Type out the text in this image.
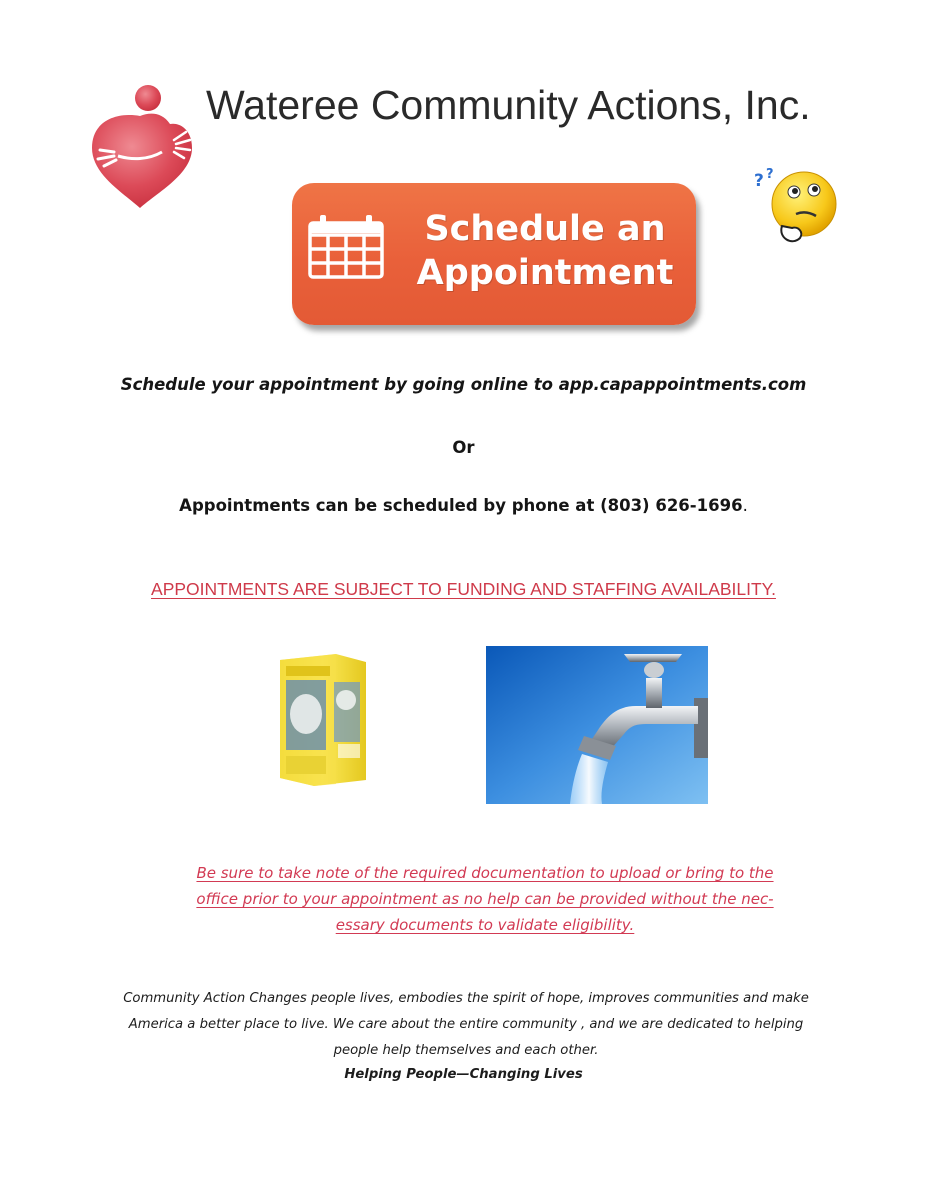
Wateree Community Actions, Inc.
Schedule an
Appointment
? ?
Schedule your appointment by going online to app.capappointments.com
Or
Appointments can be scheduled by phone at (803) 626-1696.
APPOINTMENTS ARE SUBJECT TO FUNDING AND STAFFING AVAILABILITY.
Be sure to take note of the required documentation to upload or bring to the
office prior to your appointment as no help can be provided without the nec-
essary documents to validate eligibility.
Community Action Changes people lives, embodies the spirit of hope, improves communities and make
America a better place to live. We care about the entire community , and we are dedicated to helping
people help themselves and each other.
Helping People—Changing Lives
